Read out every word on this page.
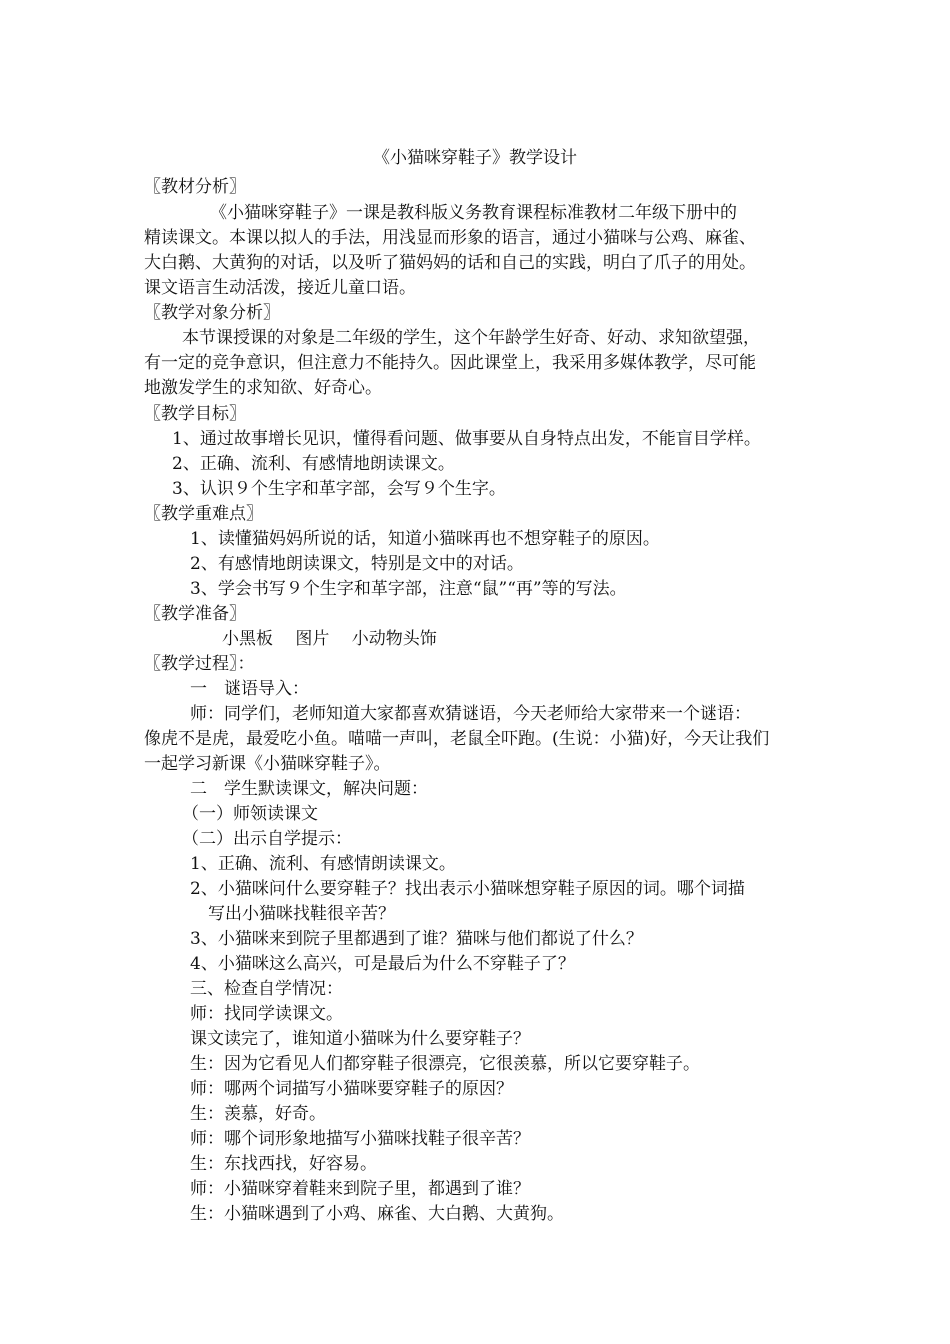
《小猫咪穿鞋子》教学设计
〖教材分析〗
《小猫咪穿鞋子》一课是教科版义务教育课程标准教材二年级下册中的
精读课文。本课以拟人的手法，用浅显而形象的语言，通过小猫咪与公鸡、麻雀、
大白鹅、大黄狗的对话，以及听了猫妈妈的话和自己的实践，明白了爪子的用处。
课文语言生动活泼，接近儿童口语。
〖教学对象分析〗
本节课授课的对象是二年级的学生，这个年龄学生好奇、好动、求知欲望强，
有一定的竞争意识，但注意力不能持久。因此课堂上，我采用多媒体教学，尽可能
地激发学生的求知欲、好奇心。
〖教学目标〗
1、通过故事增长见识，懂得看问题、做事要从自身特点出发，不能盲目学样。
2、正确、流利、有感情地朗读课文。
3、认识９个生字和革字部，会写９个生字。
〖教学重难点〗
1、读懂猫妈妈所说的话，知道小猫咪再也不想穿鞋子的原因。
2、有感情地朗读课文，特别是文中的对话。
3、学会书写９个生字和革字部，注意“鼠”“再”等的写法。
〖教学准备〗
小黑板　 图片　 小动物头饰
〖教学过程〗：
一　谜语导入：
师：同学们，老师知道大家都喜欢猜谜语，今天老师给大家带来一个谜语：
像虎不是虎，最爱吃小鱼。喵喵一声叫，老鼠全吓跑。(生说：小猫)好，今天让我们
一起学习新课《小猫咪穿鞋子》。
二　学生默读课文，解决问题：
（一）师领读课文
（二）出示自学提示：
1、正确、流利、有感情朗读课文。
2、小猫咪问什么要穿鞋子？找出表示小猫咪想穿鞋子原因的词。哪个词描
写出小猫咪找鞋很辛苦？
3、小猫咪来到院子里都遇到了谁？猫咪与他们都说了什么？
4、小猫咪这么高兴，可是最后为什么不穿鞋子了？
三、检查自学情况：
师：找同学读课文。
课文读完了，谁知道小猫咪为什么要穿鞋子？
生：因为它看见人们都穿鞋子很漂亮，它很羡慕，所以它要穿鞋子。
师：哪两个词描写小猫咪要穿鞋子的原因？
生：羡慕，好奇。
师：哪个词形象地描写小猫咪找鞋子很辛苦？
生：东找西找，好容易。
师：小猫咪穿着鞋来到院子里，都遇到了谁？
生：小猫咪遇到了小鸡、麻雀、大白鹅、大黄狗。
